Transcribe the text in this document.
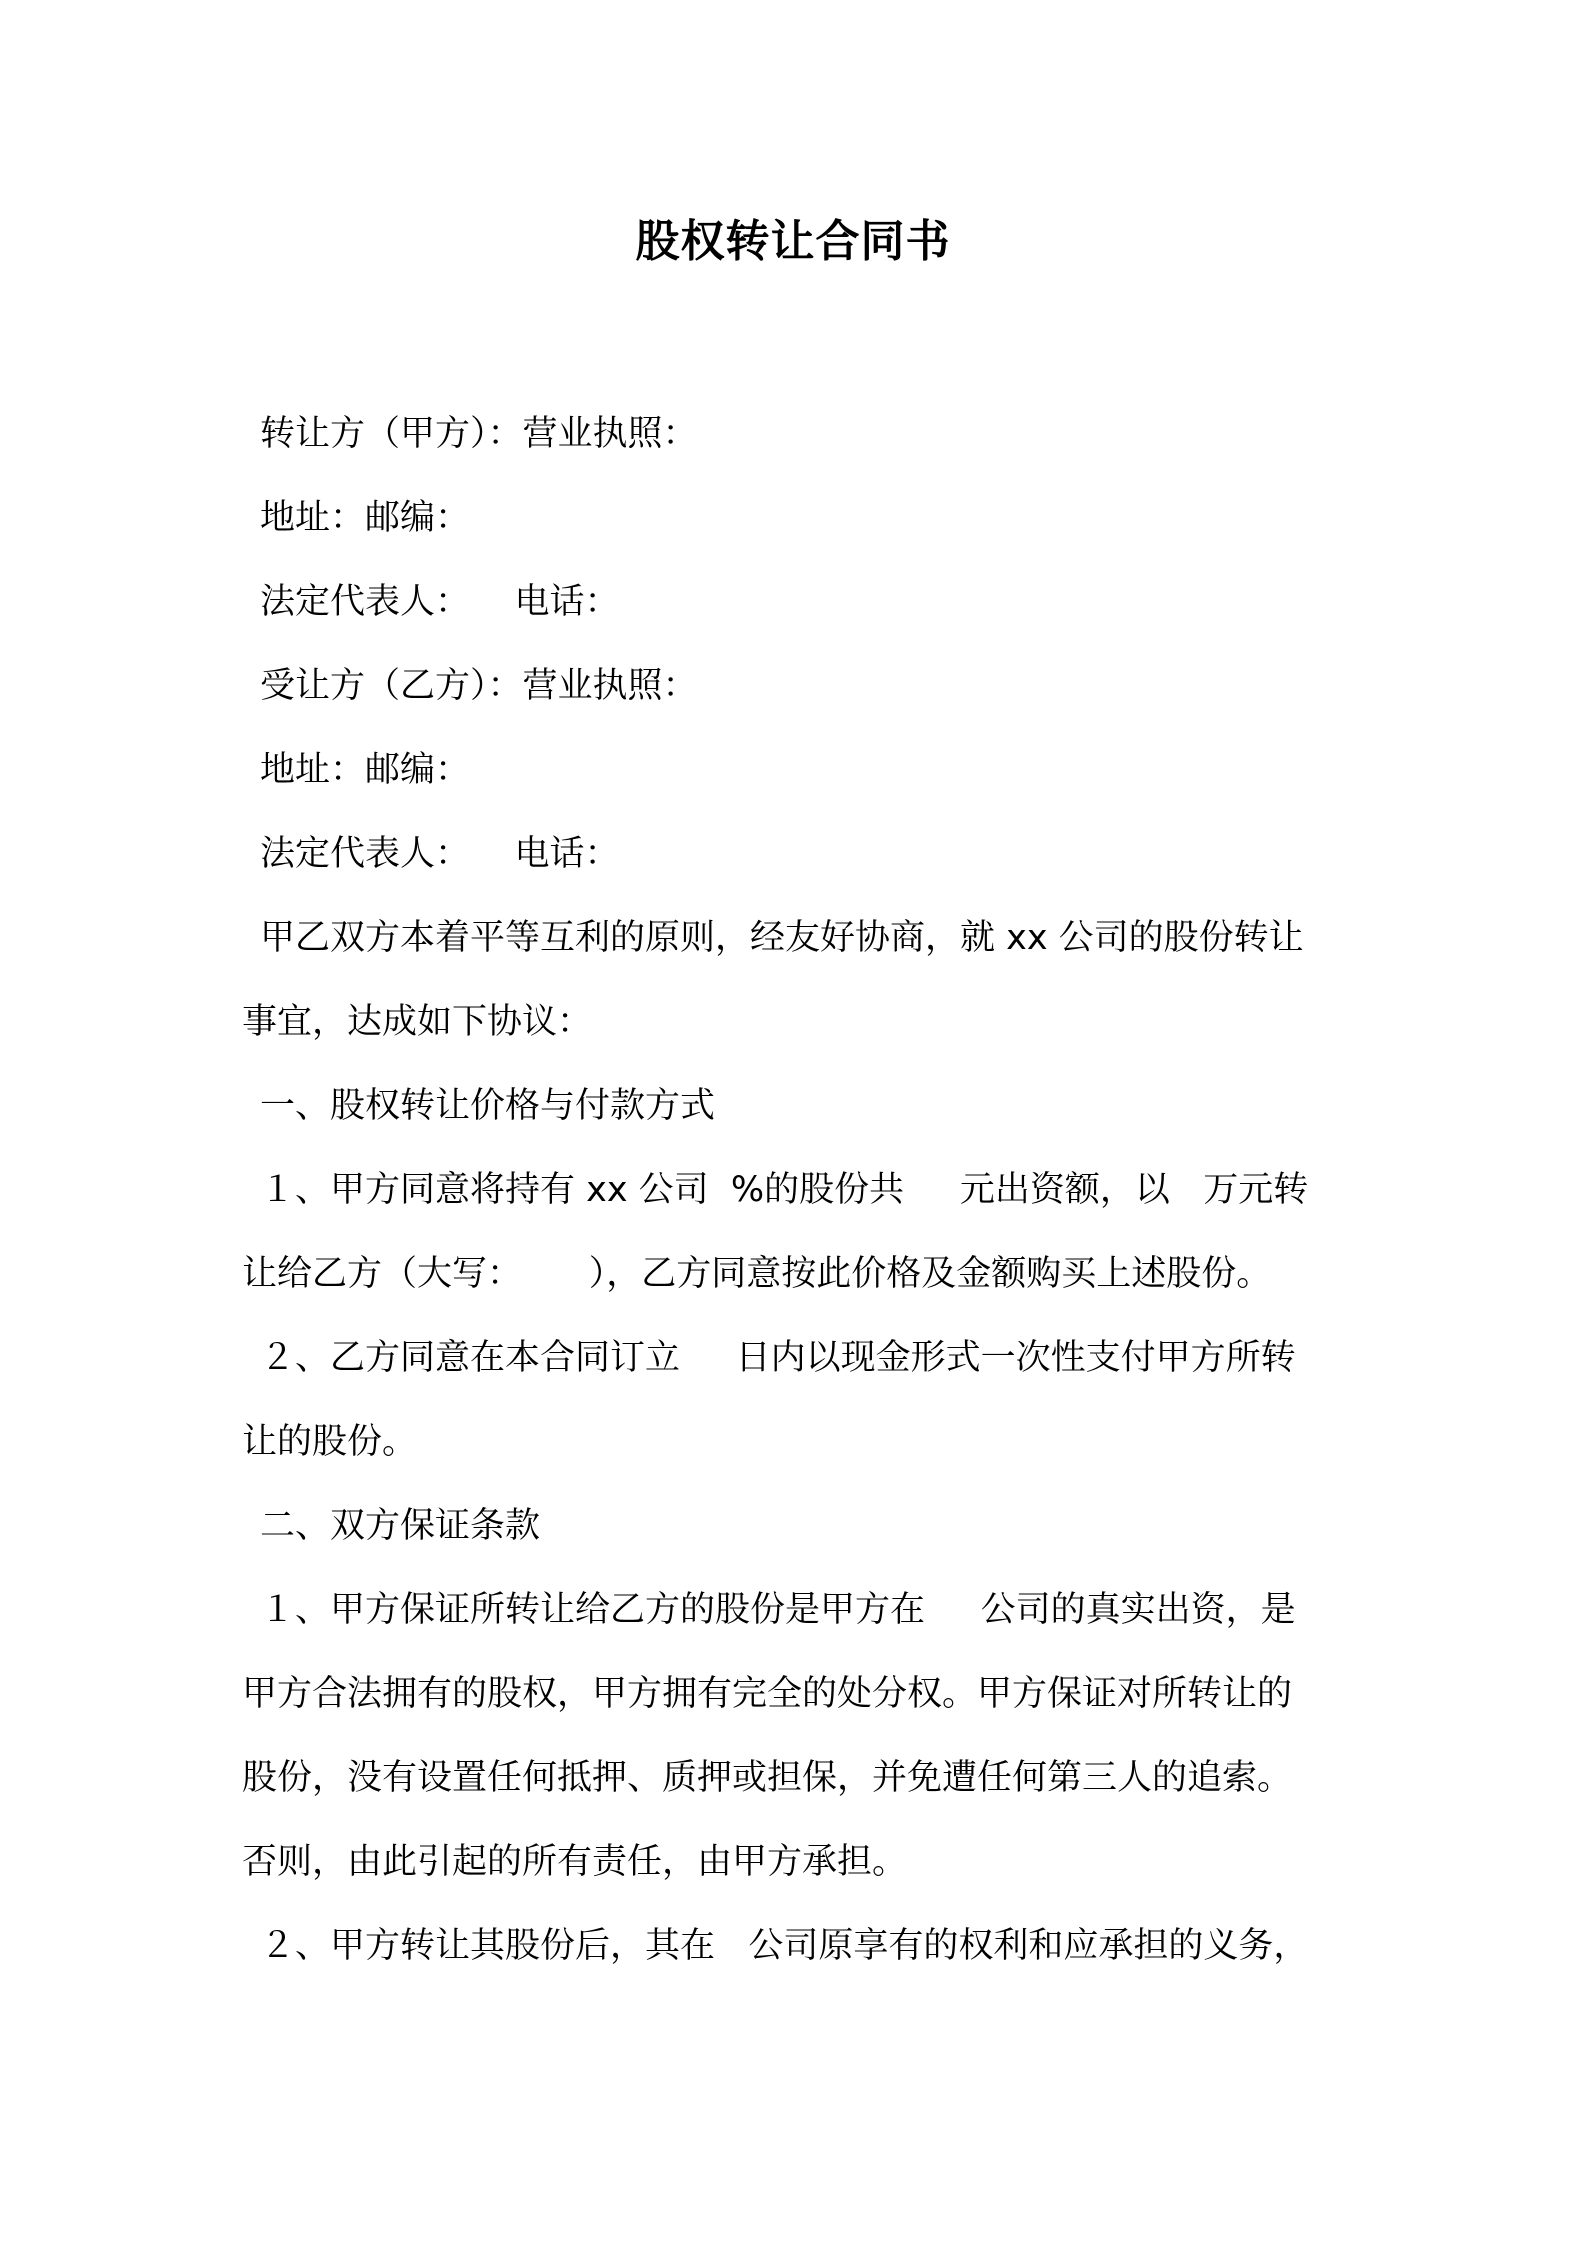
股权转让合同书
转让方（甲方）：营业执照：
地址：邮编：
法定代表人：    电话：
受让方（乙方）：营业执照：
地址：邮编：
法定代表人：    电话：
甲乙双方本着平等互利的原则，经友好协商，就 xx 公司的股份转让
事宜，达成如下协议：
一、股权转让价格与付款方式
１、甲方同意将持有 xx 公司  %的股份共     元出资额，以   万元转
让给乙方（大写：      ），乙方同意按此价格及金额购买上述股份。
２、乙方同意在本合同订立     日内以现金形式一次性支付甲方所转
让的股份。
二、双方保证条款
１、甲方保证所转让给乙方的股份是甲方在     公司的真实出资，是
甲方合法拥有的股权，甲方拥有完全的处分权。甲方保证对所转让的
股份，没有设置任何抵押、质押或担保，并免遭任何第三人的追索。
否则，由此引起的所有责任，由甲方承担。
２、甲方转让其股份后，其在   公司原享有的权利和应承担的义务，
